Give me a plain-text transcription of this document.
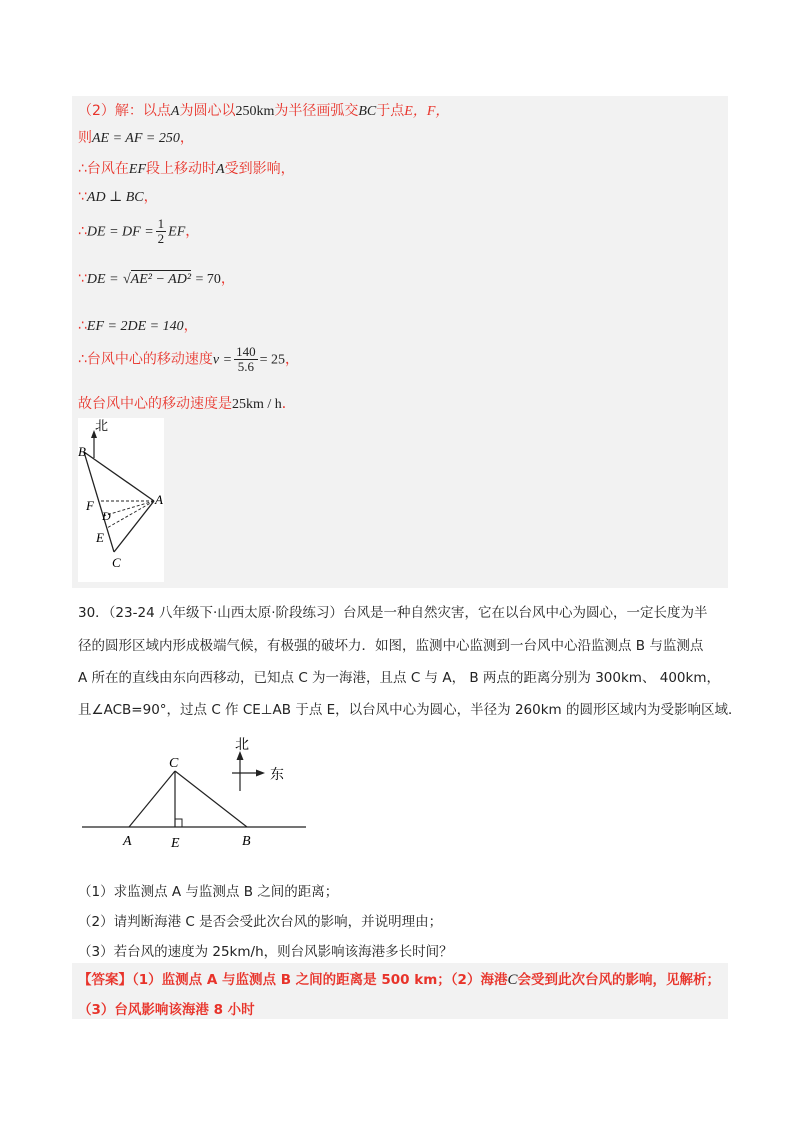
（2）解：以点A为圆心以250km为半径画弧交BC于点E，F，
则AE = AF = 250，
∴台风在EF段上移动时A受到影响，
∵AD ⊥ BC，
∴DE = DF = $\frac{1}{2}$ EF，
∵DE = √AE² − AD² = 70，
∴EF = 2DE = 140，
∴台风中心的移动速度$v = \frac{140}{5.6} = 25$，
故台风中心的移动速度是25km / h．
北
B
F
D
E
A
C
30．（23-24 八年级下·山西太原·阶段练习）台风是一种自然灾害，它在以台风中心为圆心，一定长度为半
径的圆形区域内形成极端气候，有极强的破坏力．如图，监测中心监测到一台风中心沿监测点 B 与监测点
A 所在的直线由东向西移动，已知点 C 为一海港，且点 C 与 A， B 两点的距离分别为 300km、 400km，
且∠ACB=90°，过点 C 作 CE⊥AB 于点 E，以台风中心为圆心，半径为 260km 的圆形区域内为受影响区域．
C
A	E	B
北
东
（1）求监测点 A 与监测点 B 之间的距离；
（2）请判断海港 C 是否会受此次台风的影响，并说明理由；
（3）若台风的速度为 25km/h，则台风影响该海港多长时间？
【答案】（1）监测点 A 与监测点 B 之间的距离是 500 km；（2）海港C会受到此次台风的影响，见解析；
（3）台风影响该海港 8 小时
